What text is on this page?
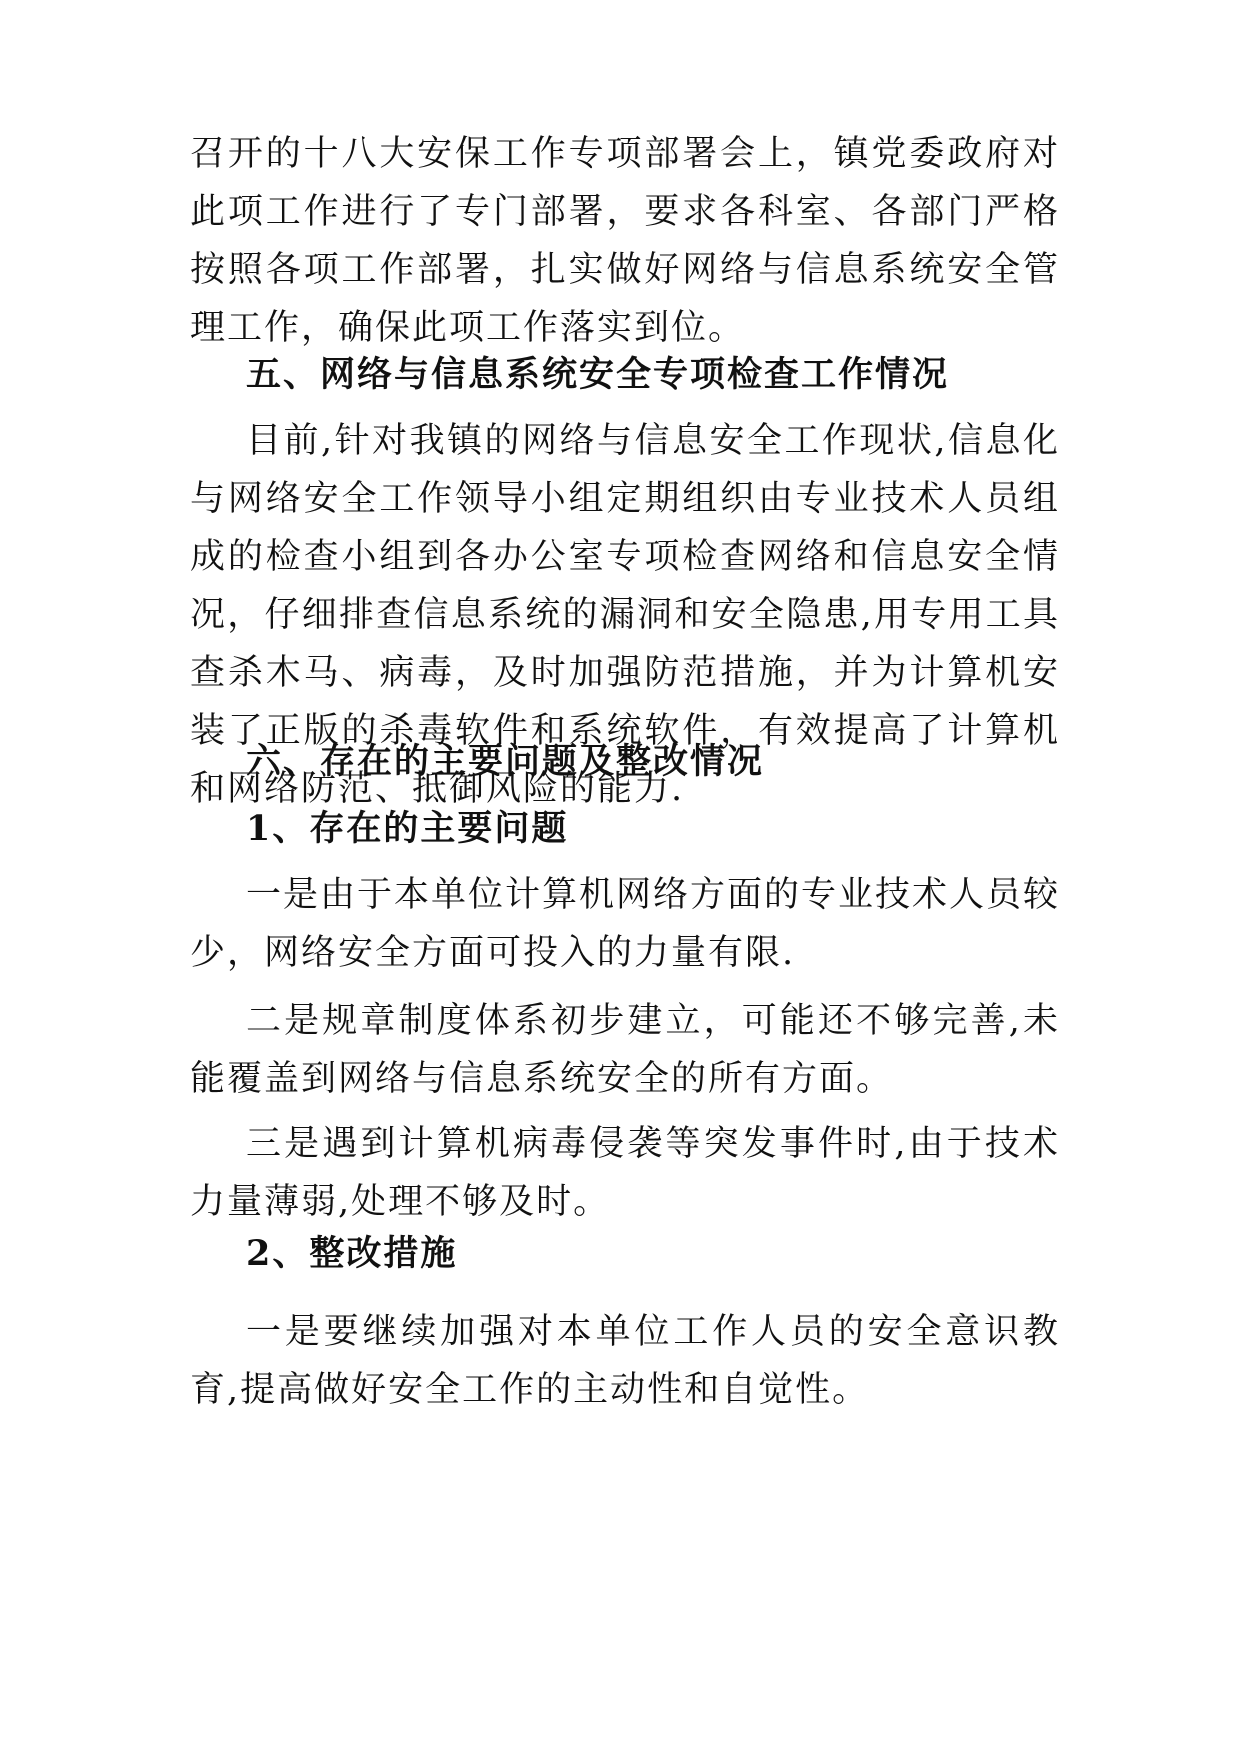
召开的十八大安保工作专项部署会上，镇党委政府对此项工作进行了专门部署，要求各科室、各部门严格按照各项工作部署，扎实做好网络与信息系统安全管理工作，确保此项工作落实到位。

五、网络与信息系统安全专项检查工作情况

目前,针对我镇的网络与信息安全工作现状,信息化与网络安全工作领导小组定期组织由专业技术人员组成的检查小组到各办公室专项检查网络和信息安全情况，仔细排查信息系统的漏洞和安全隐患,用专用工具查杀木马、病毒，及时加强防范措施，并为计算机安装了正版的杀毒软件和系统软件，有效提高了计算机和网络防范、抵御风险的能力.

六、存在的主要问题及整改情况

1、存在的主要问题

一是由于本单位计算机网络方面的专业技术人员较少，网络安全方面可投入的力量有限.

二是规章制度体系初步建立，可能还不够完善,未能覆盖到网络与信息系统安全的所有方面。

三是遇到计算机病毒侵袭等突发事件时,由于技术力量薄弱,处理不够及时。

2、整改措施

一是要继续加强对本单位工作人员的安全意识教育,提高做好安全工作的主动性和自觉性。
